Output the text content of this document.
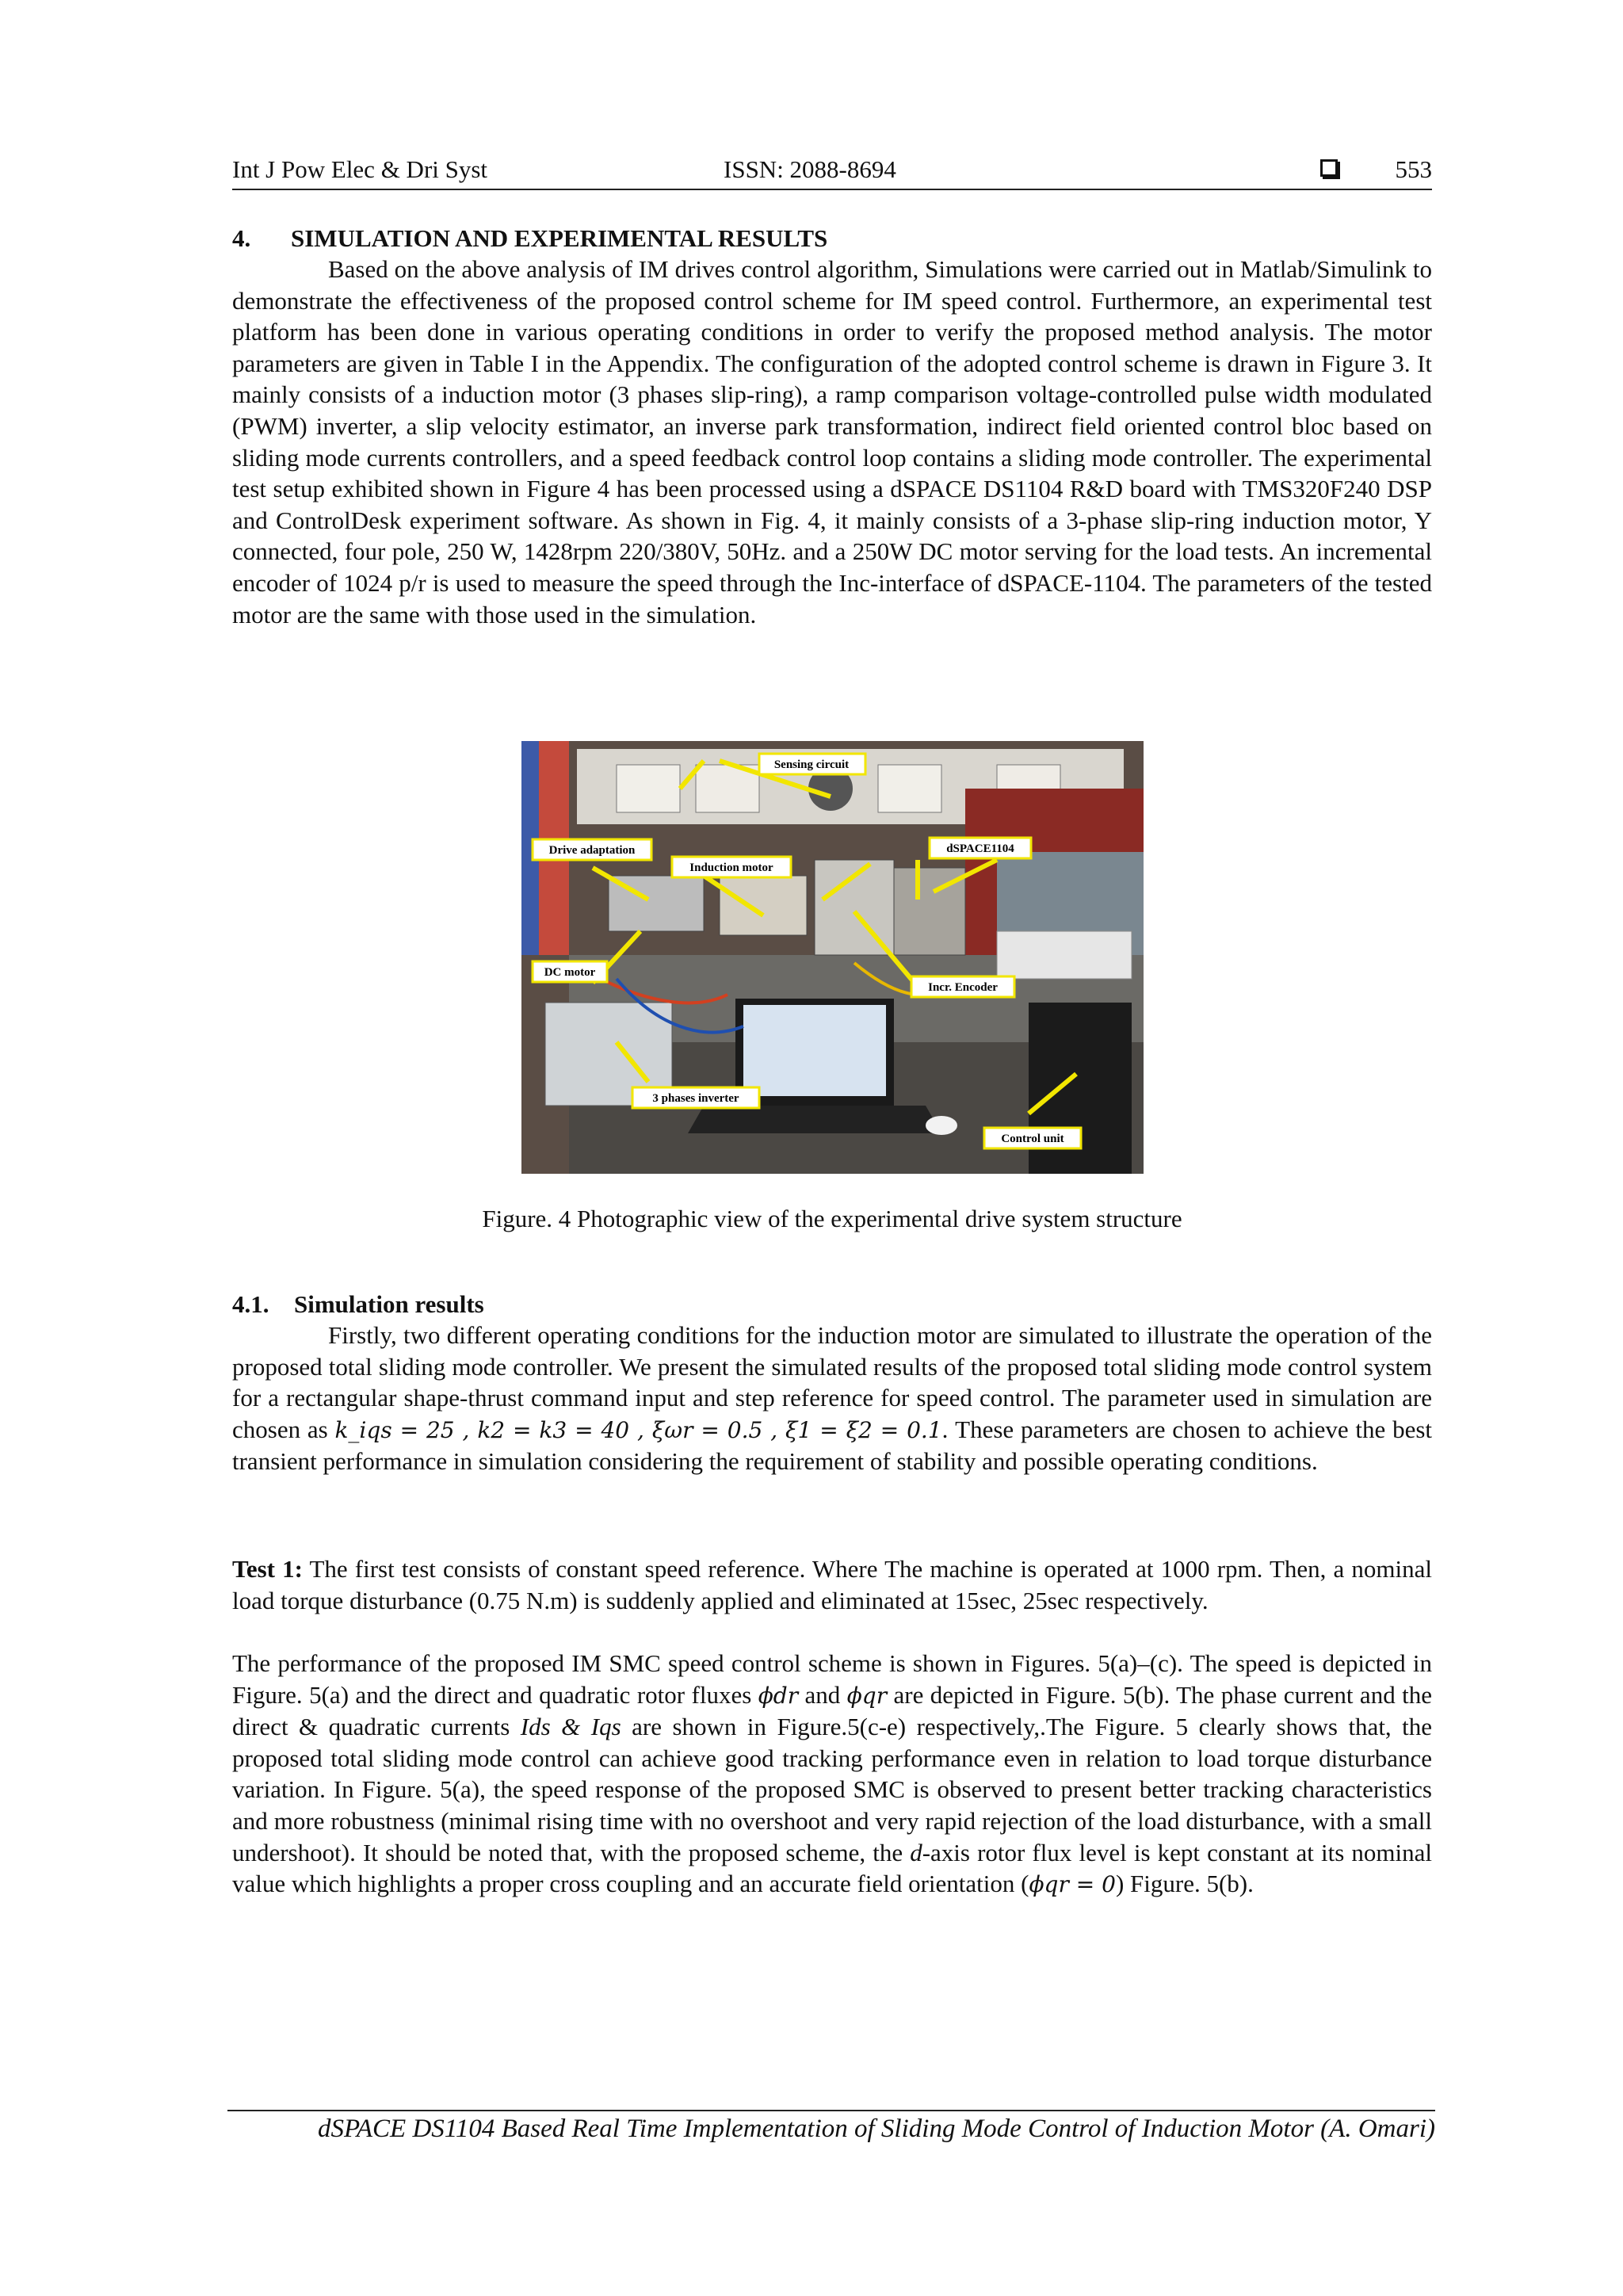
Int J Pow Elec & Dri Syst	ISSN: 2088-8694	553
4. SIMULATION AND EXPERIMENTAL RESULTS
Based on the above analysis of IM drives control algorithm, Simulations were carried out in Matlab/Simulink to demonstrate the effectiveness of the proposed control scheme for IM speed control. Furthermore, an experimental test platform has been done in various operating conditions in order to verify the proposed method analysis. The motor parameters are given in Table I in the Appendix. The configuration of the adopted control scheme is drawn in Figure 3. It mainly consists of a induction motor (3 phases slip-ring), a ramp comparison voltage-controlled pulse width modulated (PWM) inverter, a slip velocity estimator, an inverse park transformation, indirect field oriented control bloc based on sliding mode currents controllers, and a speed feedback control loop contains a sliding mode controller. The experimental test setup exhibited shown in Figure 4 has been processed using a dSPACE DS1104 R&D board with TMS320F240 DSP and ControlDesk experiment software. As shown in Fig. 4, it mainly consists of a 3-phase slip-ring induction motor, Y connected, four pole, 250 W, 1428rpm 220/380V, 50Hz. and a 250W DC motor serving for the load tests. An incremental encoder of 1024 p/r is used to measure the speed through the Inc-interface of dSPACE-1104. The parameters of the tested motor are the same with those used in the simulation.
Sensing circuit
Drive adaptation
Induction motor
dSPACE1104
DC motor
Incr. Encoder
3 phases inverter
Control unit
Figure. 4 Photographic view of the experimental drive system structure
4.1. Simulation results
Firstly, two different operating conditions for the induction motor are simulated to illustrate the operation of the proposed total sliding mode controller. We present the simulated results of the proposed total sliding mode control system for a rectangular shape-thrust command input and step reference for speed control. The parameter used in simulation are chosen as k_iqs = 25 , k2 = k3 = 40 , ξωr = 0.5 , ξ1 = ξ2 = 0.1. These parameters are chosen to achieve the best transient performance in simulation considering the requirement of stability and possible operating conditions.
Test 1: The first test consists of constant speed reference. Where The machine is operated at 1000 rpm. Then, a nominal load torque disturbance (0.75 N.m) is suddenly applied and eliminated at 15sec, 25sec respectively.
The performance of the proposed IM SMC speed control scheme is shown in Figures. 5(a)–(c). The speed is depicted in Figure. 5(a) and the direct and quadratic rotor fluxes ϕdr and ϕqr are depicted in Figure. 5(b). The phase current and the direct & quadratic currents Ids & Iqs are shown in Figure.5(c-e) respectively,.The Figure. 5 clearly shows that, the proposed total sliding mode control can achieve good tracking performance even in relation to load torque disturbance variation. In Figure. 5(a), the speed response of the proposed SMC is observed to present better tracking characteristics and more robustness (minimal rising time with no overshoot and very rapid rejection of the load disturbance, with a small undershoot). It should be noted that, with the proposed scheme, the d-axis rotor flux level is kept constant at its nominal value which highlights a proper cross coupling and an accurate field orientation (ϕqr = 0) Figure. 5(b).
dSPACE DS1104 Based Real Time Implementation of Sliding Mode Control of Induction Motor (A. Omari)
